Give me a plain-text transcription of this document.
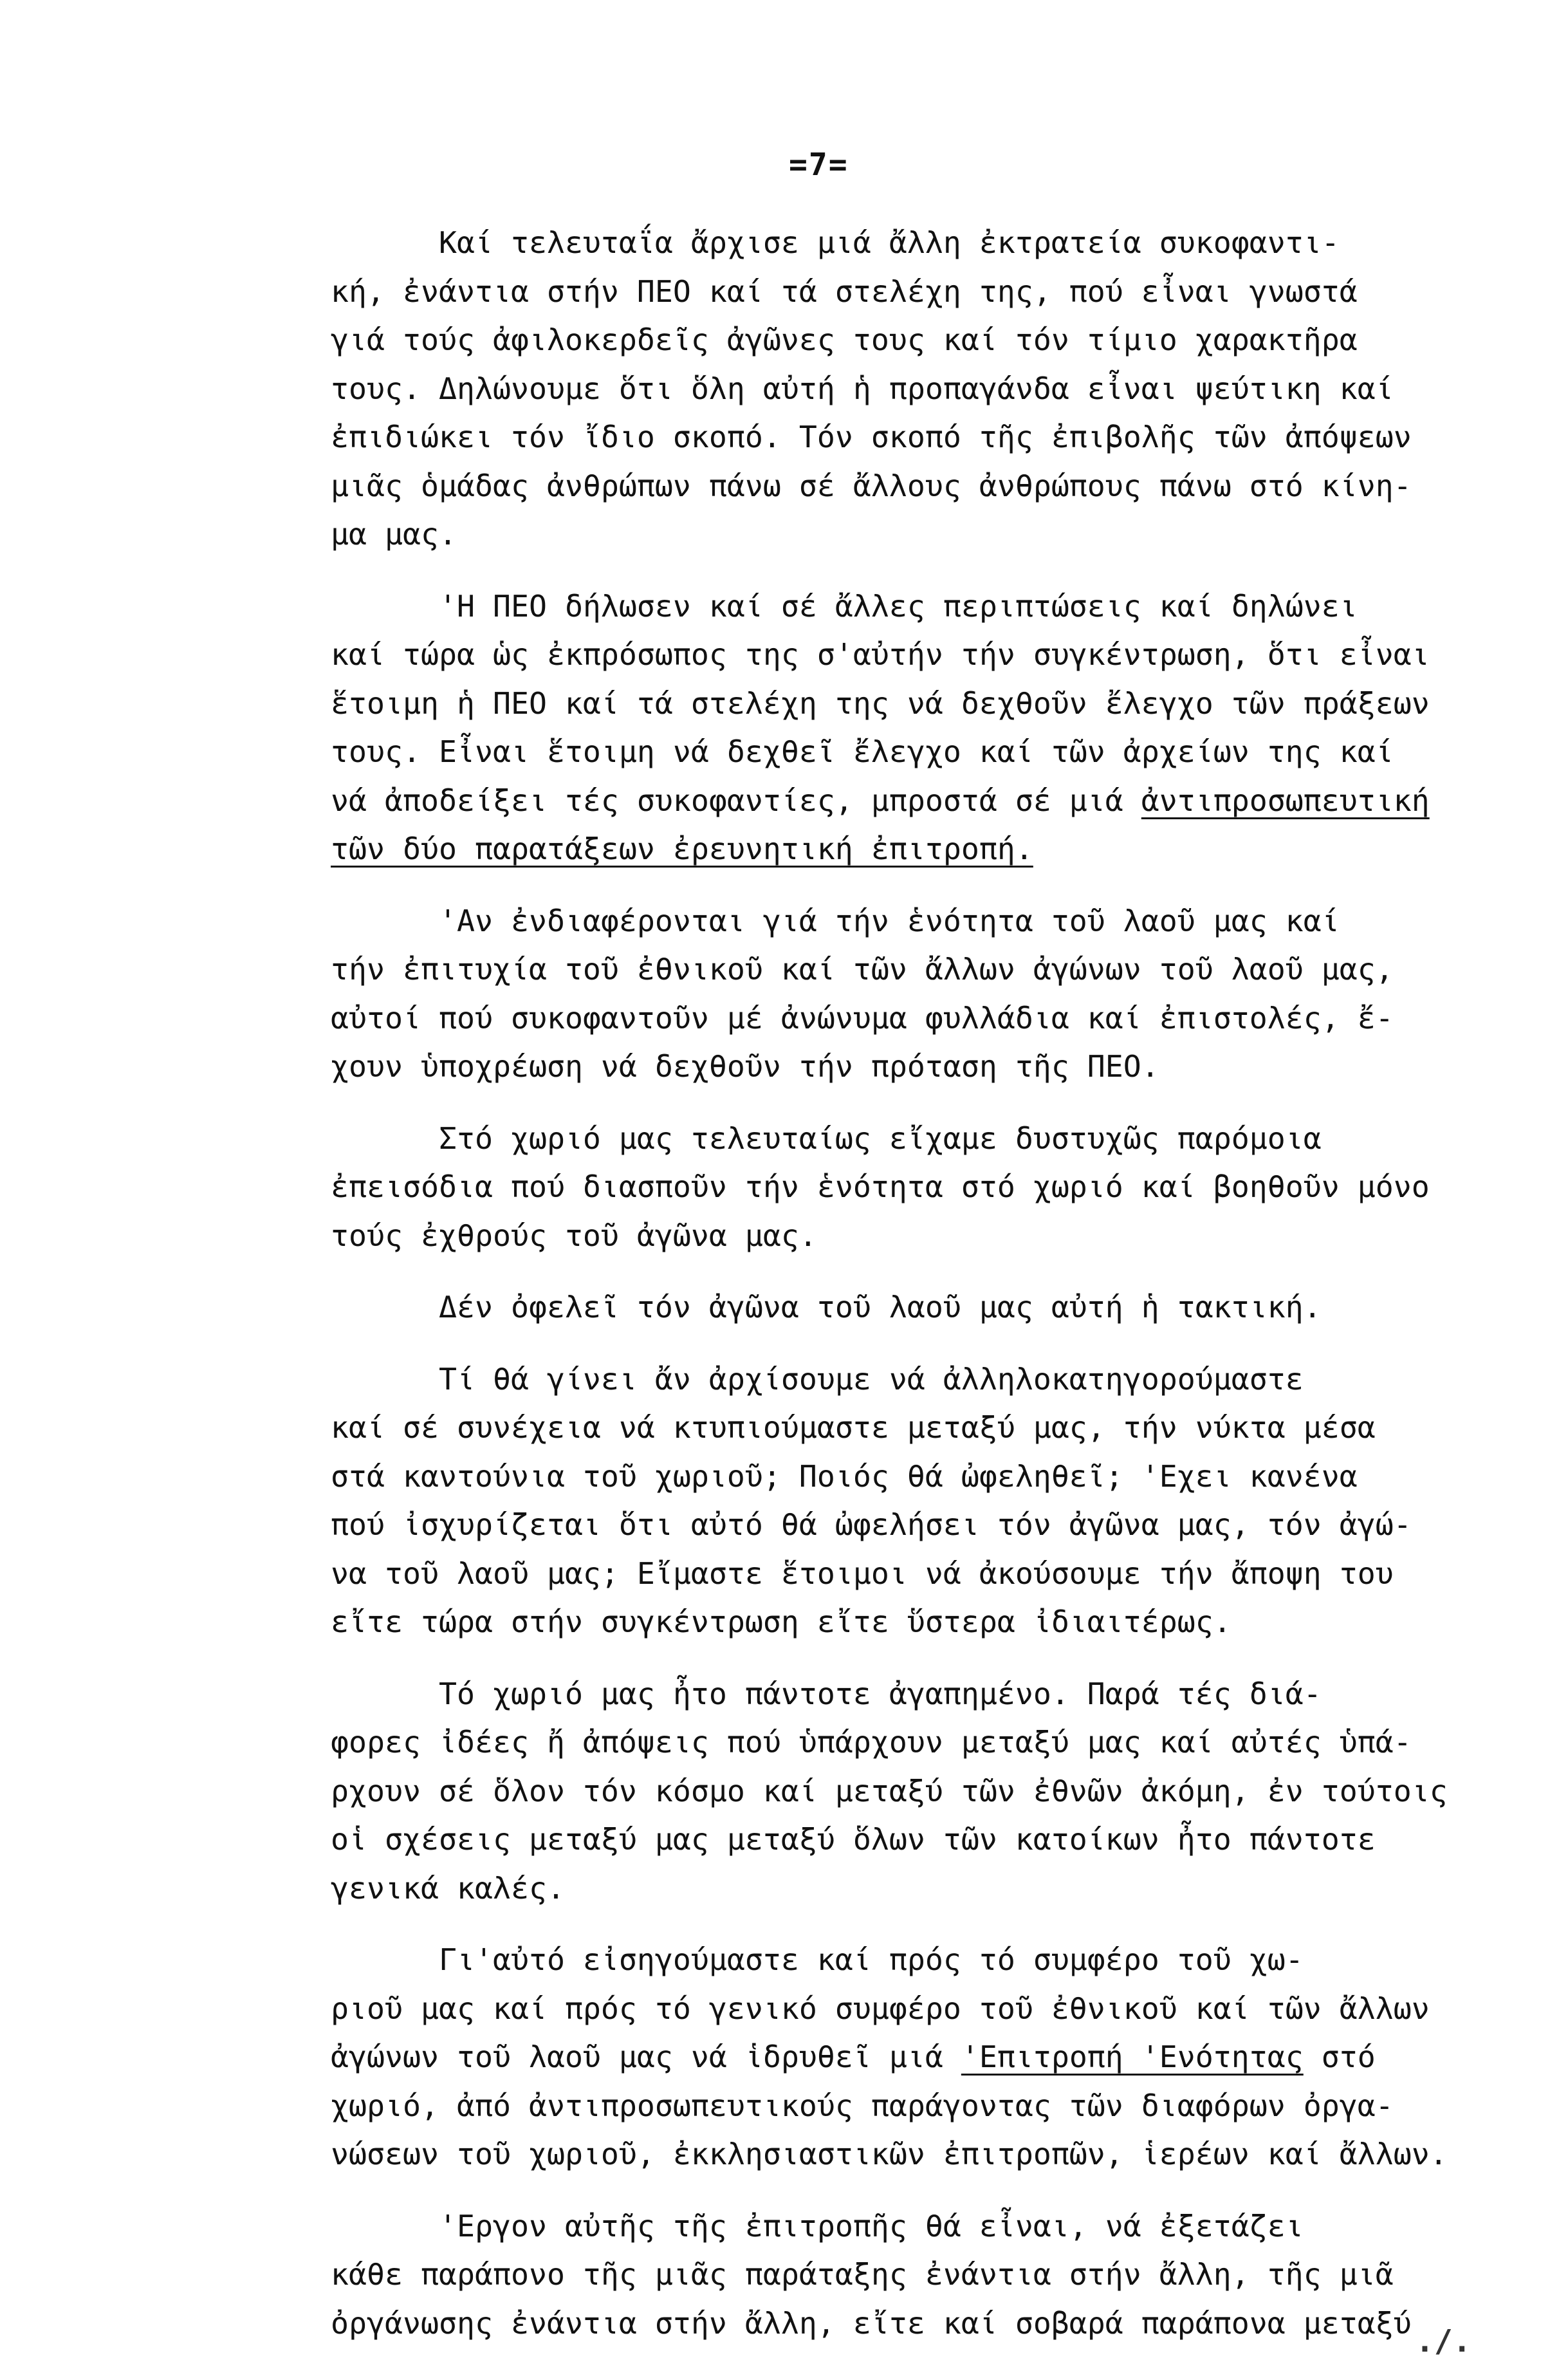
=7=
Καί τελευταΐα ἄρχισε μιά ἄλλη ἐκτρατεία συκοφαντι-
κή, ἐνάντια στήν ΠΕΟ καί τά στελέχη της, πού εἶναι γνωστά
γιά τούς ἀφιλοκερδεῖς ἀγῶνες τους καί τόν τίμιο χαρακτῆρα
τους. Δηλώνουμε ὅτι ὅλη αὐτή ἡ προπαγάνδα εἶναι ψεύτικη καί
ἐπιδιώκει τόν ἴδιο σκοπό. Τόν σκοπό τῆς ἐπιβολῆς τῶν ἀπόψεων
μιᾶς ὁμάδας ἀνθρώπων πάνω σέ ἄλλους ἀνθρώπους πάνω στό κίνη-
μα μας.
'Η ΠΕΟ δήλωσεν καί σέ ἄλλες περιπτώσεις καί δηλώνει
καί τώρα ὡς ἐκπρόσωπος της σ'αὐτήν τήν συγκέντρωση, ὅτι εἶναι
ἕτοιμη ἡ ΠΕΟ καί τά στελέχη της νά δεχθοῦν ἔλεγχο τῶν πράξεων
τους. Εἶναι ἕτοιμη νά δεχθεῖ ἔλεγχο καί τῶν ἀρχείων της καί
νά ἀποδείξει τές συκοφαντίες, μπροστά σέ μιά ἀντιπροσωπευτική
τῶν δύο παρατάξεων ἐρευνητική ἐπιτροπή.
'Αν ἐνδιαφέρονται γιά τήν ἑνότητα τοῦ λαοῦ μας καί
τήν ἐπιτυχία τοῦ ἐθνικοῦ καί τῶν ἄλλων ἀγώνων τοῦ λαοῦ μας,
αὐτοί πού συκοφαντοῦν μέ ἀνώνυμα φυλλάδια καί ἐπιστολές, ἔ-
χουν ὑποχρέωση νά δεχθοῦν τήν πρόταση τῆς ΠΕΟ.
Στό χωριό μας τελευταίως εἴχαμε δυστυχῶς παρόμοια
ἐπεισόδια πού διασποῦν τήν ἑνότητα στό χωριό καί βοηθοῦν μόνο
τούς ἐχθρούς τοῦ ἀγῶνα μας.
Δέν ὀφελεῖ τόν ἀγῶνα τοῦ λαοῦ μας αὐτή ἡ τακτική.
Τί θά γίνει ἄν ἀρχίσουμε νά ἀλληλοκατηγορούμαστε
καί σέ συνέχεια νά κτυπιούμαστε μεταξύ μας, τήν νύκτα μέσα
στά καντούνια τοῦ χωριοῦ; Ποιός θά ὠφεληθεῖ; 'Εχει κανένα
πού ἰσχυρίζεται ὅτι αὐτό θά ὠφελήσει τόν ἀγῶνα μας, τόν ἀγώ-
να τοῦ λαοῦ μας; Εἴμαστε ἕτοιμοι νά ἀκούσουμε τήν ἄποψη του
εἴτε τώρα στήν συγκέντρωση εἴτε ὕστερα ἰδιαιτέρως.
Τό χωριό μας ἦτο πάντοτε ἀγαπημένο. Παρά τές διά-
φορες ἰδέες ἤ ἀπόψεις πού ὑπάρχουν μεταξύ μας καί αὐτές ὑπά-
ρχουν σέ ὅλον τόν κόσμο καί μεταξύ τῶν ἐθνῶν ἀκόμη, ἐν τούτοις
οἱ σχέσεις μεταξύ μας μεταξύ ὅλων τῶν κατοίκων ἦτο πάντοτε
γενικά καλές.
Γι'αὐτό εἰσηγούμαστε καί πρός τό συμφέρο τοῦ χω-
ριοῦ μας καί πρός τό γενικό συμφέρο τοῦ ἐθνικοῦ καί τῶν ἄλλων
ἀγώνων τοῦ λαοῦ μας νά ἱδρυθεῖ μιά 'Επιτροπή 'Ενότητας στό
χωριό, ἀπό ἀντιπροσωπευτικούς παράγοντας τῶν διαφόρων ὀργα-
νώσεων τοῦ χωριοῦ, ἐκκλησιαστικῶν ἐπιτροπῶν, ἱερέων καί ἄλλων.
'Εργον αὐτῆς τῆς ἐπιτροπῆς θά εἶναι, νά ἐξετάζει
κάθε παράπονο τῆς μιᾶς παράταξης ἐνάντια στήν ἄλλη, τῆς μιᾶ
ὀργάνωσης ἐνάντια στήν ἄλλη, εἴτε καί σοβαρά παράπονα μεταξύ
./.
